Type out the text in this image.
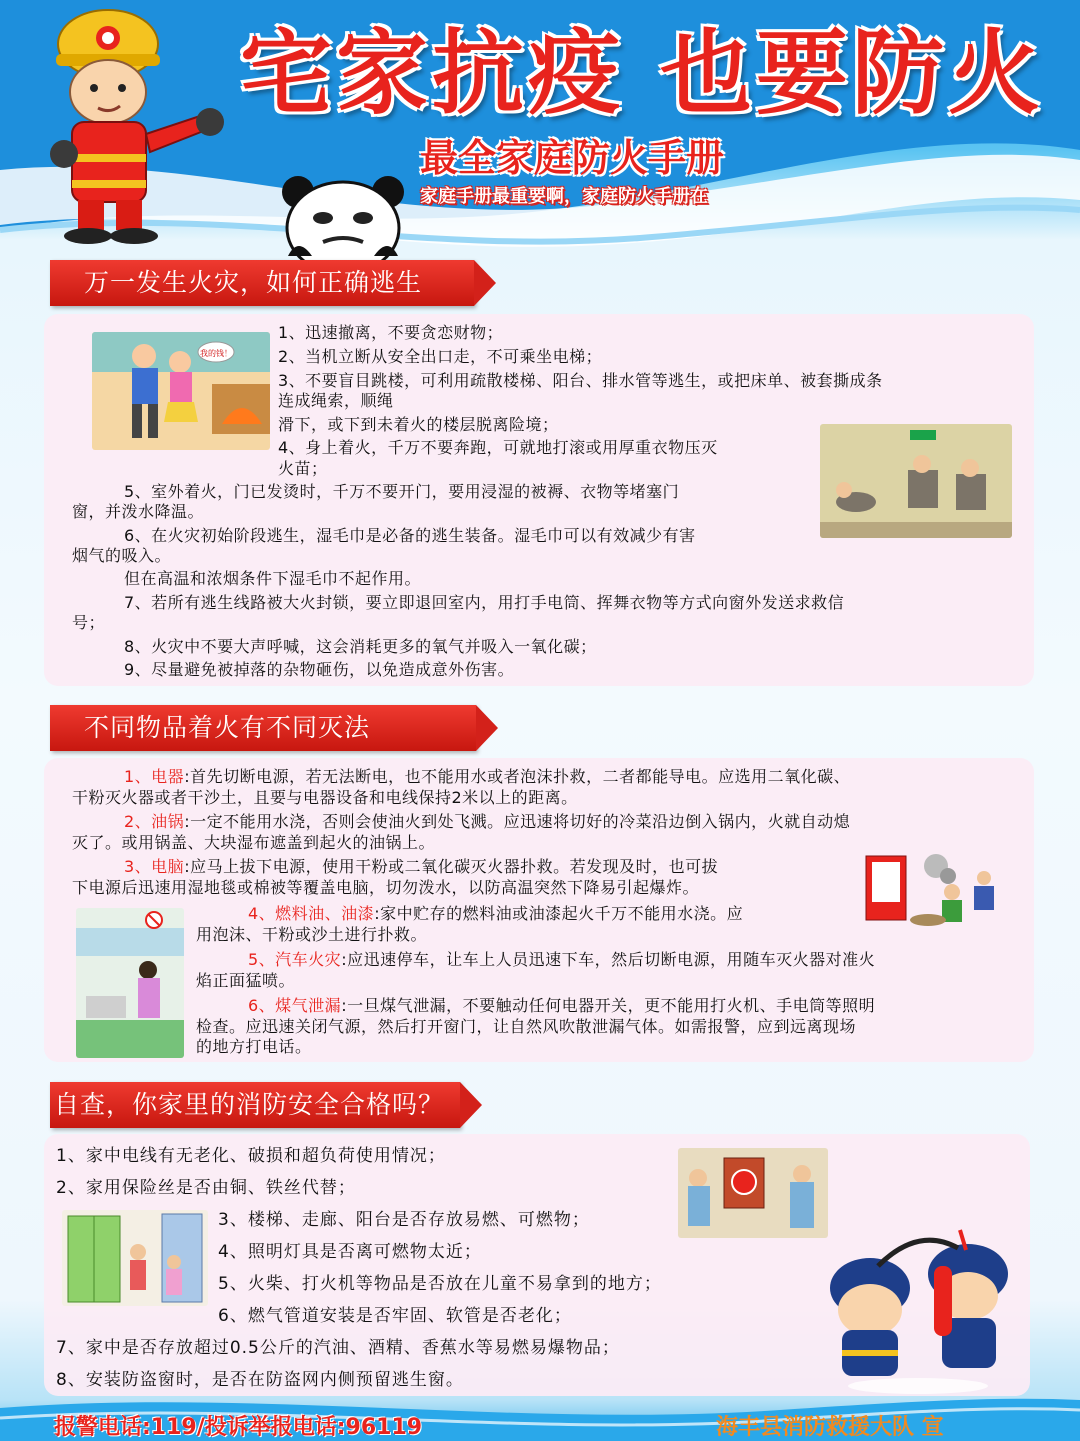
宅家抗疫 也要防火
最全家庭防火手册
家庭手册最重要啊，家庭防火手册在
万一发生火灾，如何正确逃生
我的钱！
1、迅速撤离，不要贪恋财物；
2、当机立断从安全出口走，不可乘坐电梯；
3、不要盲目跳楼，可利用疏散楼梯、阳台、排水管等逃生，或把床单、被套撕成条
连成绳索，顺绳
滑下，或下到未着火的楼层脱离险境；
4、身上着火，千万不要奔跑，可就地打滚或用厚重衣物压灭
火苗；
5、室外着火，门已发烫时，千万不要开门，要用浸湿的被褥、衣物等堵塞门
窗，并泼水降温。
6、在火灾初始阶段逃生，湿毛巾是必备的逃生装备。湿毛巾可以有效减少有害
烟气的吸入。
但在高温和浓烟条件下湿毛巾不起作用。
7、若所有逃生线路被大火封锁，要立即退回室内，用打手电筒、挥舞衣物等方式向窗外发送求救信
号；
8、火灾中不要大声呼喊，这会消耗更多的氧气并吸入一氧化碳；
9、尽量避免被掉落的杂物砸伤，以免造成意外伤害。
不同物品着火有不同灭法
1、电器:首先切断电源，若无法断电，也不能用水或者泡沫扑救，二者都能导电。应选用二氧化碳、
干粉灭火器或者干沙土，且要与电器设备和电线保持2米以上的距离。
2、油锅:一定不能用水浇，否则会使油火到处飞溅。应迅速将切好的冷菜沿边倒入锅内，火就自动熄
灭了。或用锅盖、大块湿布遮盖到起火的油锅上。
3、电脑:应马上拔下电源，使用干粉或二氧化碳灭火器扑救。若发现及时，也可拔
下电源后迅速用湿地毯或棉被等覆盖电脑，切勿泼水，以防高温突然下降易引起爆炸。
4、燃料油、油漆:家中贮存的燃料油或油漆起火千万不能用水浇。应
用泡沫、干粉或沙土进行扑救。
5、汽车火灾:应迅速停车，让车上人员迅速下车，然后切断电源，用随车灭火器对准火
焰正面猛喷。
6、煤气泄漏:一旦煤气泄漏，不要触动任何电器开关，更不能用打火机、手电筒等照明
检查。应迅速关闭气源，然后打开窗门，让自然风吹散泄漏气体。如需报警，应到远离现场
的地方打电话。
自查，你家里的消防安全合格吗？
1、家中电线有无老化、破损和超负荷使用情况；
2、家用保险丝是否由铜、铁丝代替；
3、楼梯、走廊、阳台是否存放易燃、可燃物；
4、照明灯具是否离可燃物太近；
5、火柴、打火机等物品是否放在儿童不易拿到的地方；
6、燃气管道安装是否牢固、软管是否老化；
7、家中是否存放超过0.5公斤的汽油、酒精、香蕉水等易燃易爆物品；
8、安装防盗窗时，是否在防盗网内侧预留逃生窗。
报警电话:119/投诉举报电话:96119	海丰县消防救援大队 宣
